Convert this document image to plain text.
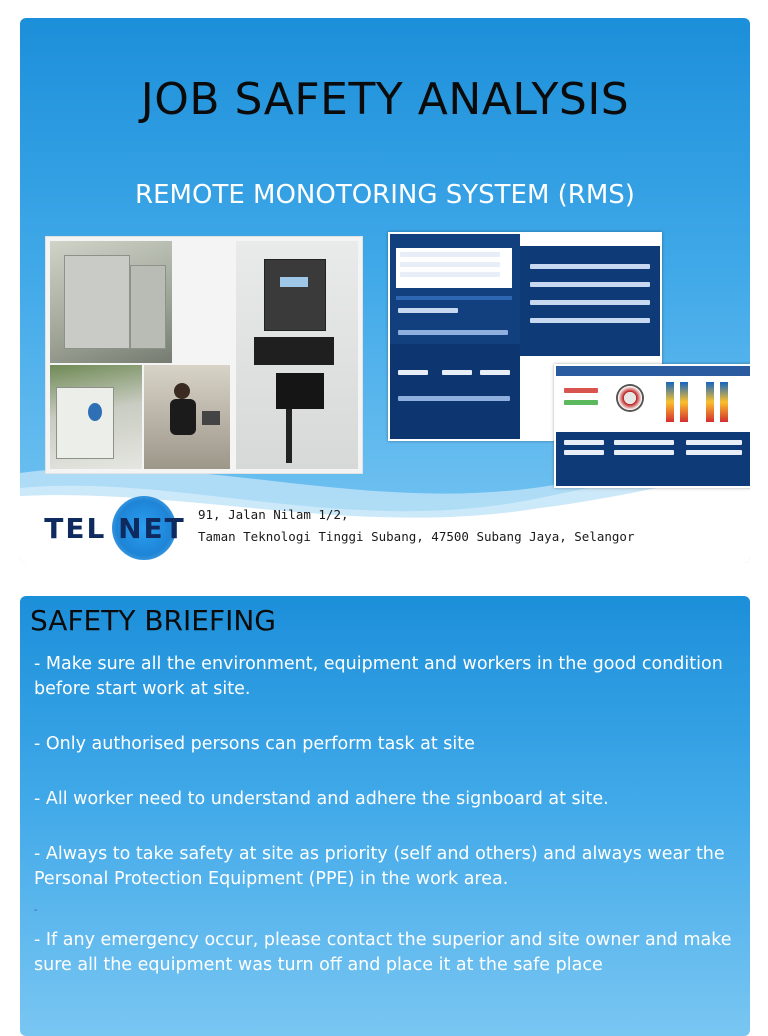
JOB SAFETY ANALYSIS
REMOTE MONOTORING SYSTEM (RMS)
TEL NET 91, Jalan Nilam 1/2,
Taman Teknologi Tinggi Subang, 47500 Subang Jaya, Selangor
SAFETY BRIEFING
- Make sure all the environment, equipment and workers in the good condition before start work at site.
- Only authorised persons can perform task at site
- All worker need to understand and adhere the signboard at site.
- Always to take safety at site as priority (self and others) and always wear the Personal Protection Equipment (PPE) in the work area.
-
- If any emergency occur, please contact the superior and site owner and make sure all the equipment was turn off and place it at the safe place
